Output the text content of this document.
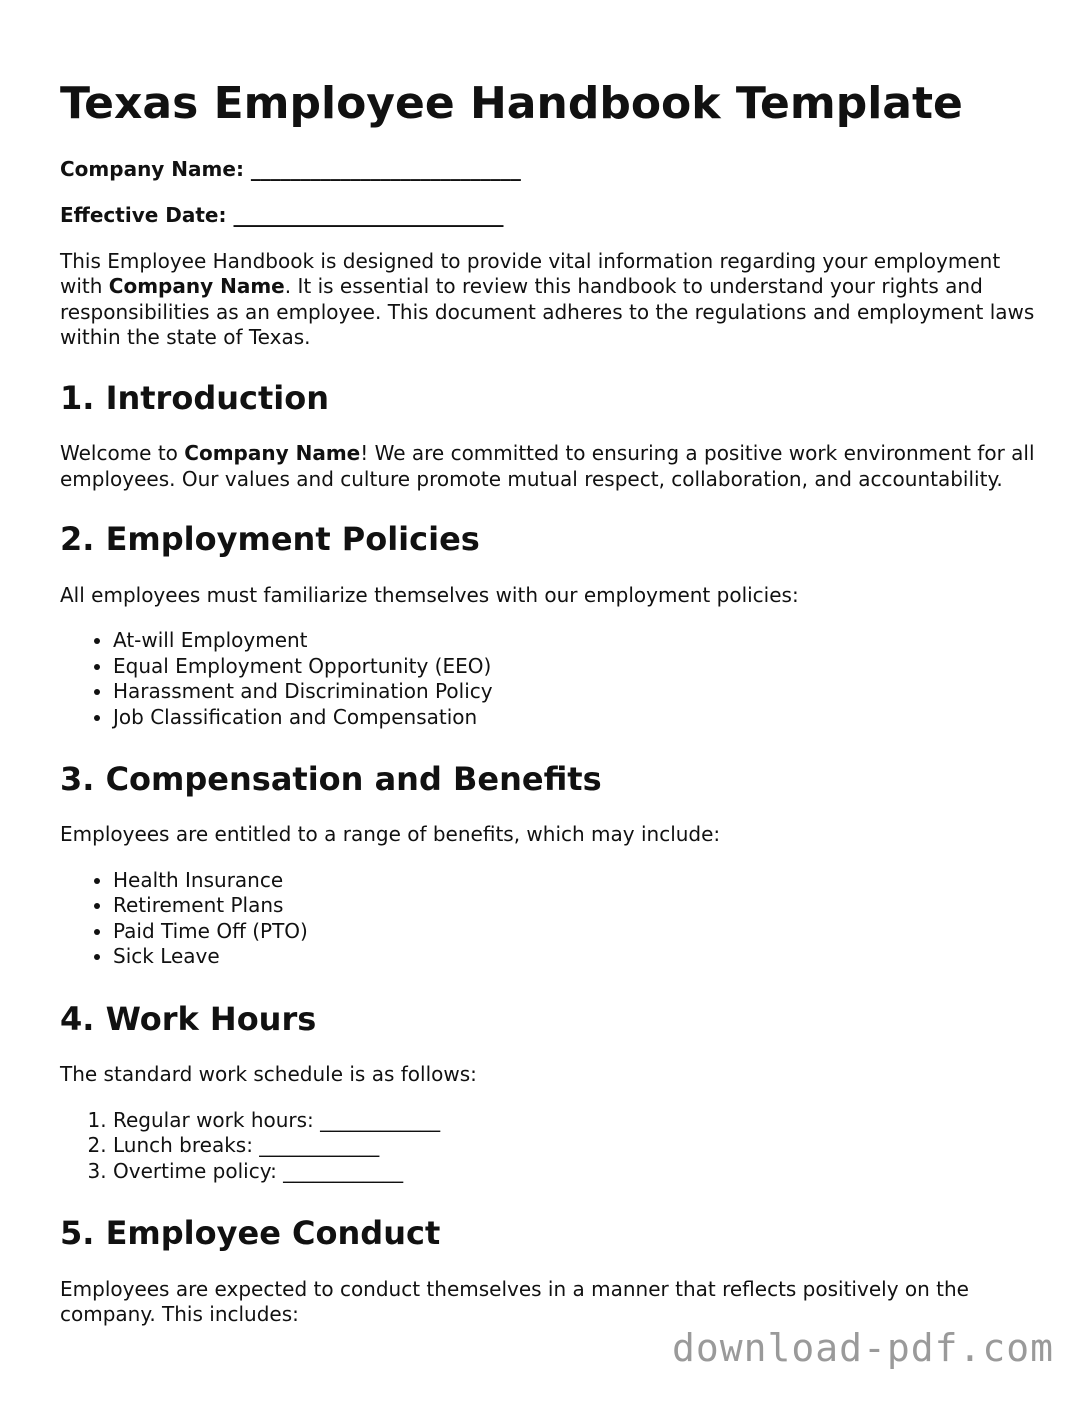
Texas Employee Handbook Template
Company Name: ___________________________
Effective Date: ___________________________

This Employee Handbook is designed to provide vital information regarding your employment with Company Name. It is essential to review this handbook to understand your rights and responsibilities as an employee. This document adheres to the regulations and employment laws within the state of Texas.

1. Introduction

Welcome to Company Name! We are committed to ensuring a positive work environment for all employees. Our values and culture promote mutual respect, collaboration, and accountability.

2. Employment Policies

All employees must familiarize themselves with our employment policies:

• At-will Employment
• Equal Employment Opportunity (EEO)
• Harassment and Discrimination Policy
• Job Classification and Compensation
3. Compensation and Benefits

Employees are entitled to a range of benefits, which may include:

• Health Insurance
• Retirement Plans
• Paid Time Off (PTO)
• Sick Leave
4. Work Hours

The standard work schedule is as follows:

1. Regular work hours: ____________
2. Lunch breaks: ____________
3. Overtime policy: ____________
5. Employee Conduct

Employees are expected to conduct themselves in a manner that reflects positively on the company. This includes:

download-pdf.com
